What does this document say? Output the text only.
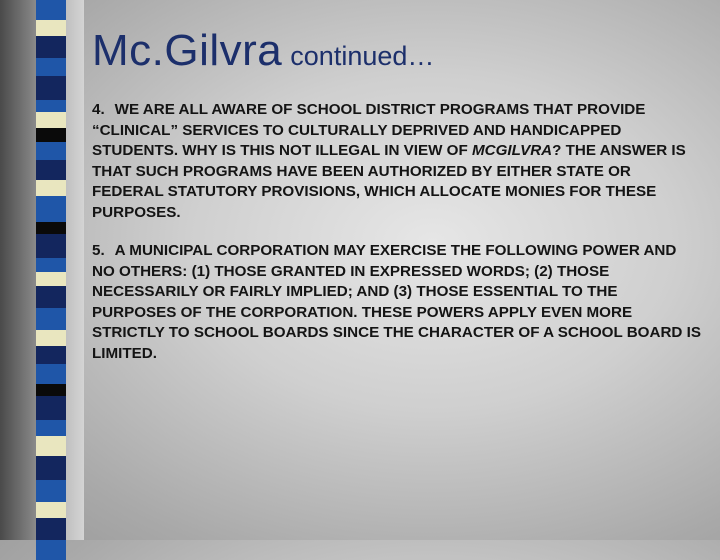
Mc.Gilvra continued…

4. WE ARE ALL AWARE OF SCHOOL DISTRICT PROGRAMS THAT PROVIDE “CLINICAL” SERVICES TO CULTURALLY DEPRIVED AND HANDICAPPED STUDENTS. WHY IS THIS NOT ILLEGAL IN VIEW OF MCGILVRA? THE ANSWER IS THAT SUCH PROGRAMS HAVE BEEN AUTHORIZED BY EITHER STATE OR FEDERAL STATUTORY PROVISIONS, WHICH ALLOCATE MONIES FOR THESE PURPOSES.

5. A MUNICIPAL CORPORATION MAY EXERCISE THE FOLLOWING POWER AND NO OTHERS: (1) THOSE GRANTED IN EXPRESSED WORDS; (2) THOSE NECESSARILY OR FAIRLY IMPLIED; AND (3) THOSE ESSENTIAL TO THE PURPOSES OF THE CORPORATION. THESE POWERS APPLY EVEN MORE STRICTLY TO SCHOOL BOARDS SINCE THE CHARACTER OF A SCHOOL BOARD IS LIMITED.
